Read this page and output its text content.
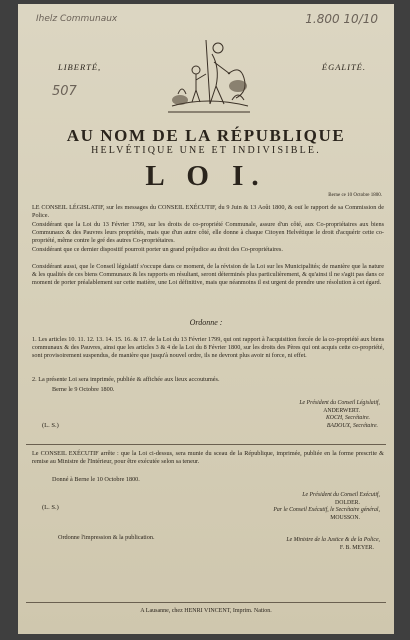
Ihelz Communaux	1.800 10/10
507
LIBERTÉ,	ÉGALITÉ.
AU NOM DE LA RÉPUBLIQUE
HELVÉTIQUE UNE ET INDIVISIBLE.
L O I.
Berne ce 10 Octobre 1800.
LE CONSEIL LÉGISLATIF, sur les messages du CONSEIL EXÉCUTIF, du 9 Juin & 13 Août 1800, & ouï le rapport de sa Commission de Police.
Considérant que la Loi du 13 Février 1799, sur les droits de co-propriété Communale, assure d'un côté, aux Co-propriétaires aux biens Communaux & des Pauvres leurs propriétés, mais que d'un autre côté, elle donne à chaque Citoyen Helvétique le droit d'acquérir cette co-propriété, même contre le gré des autres Co-propriétaires.
Considérant que ce dernier dispositif pourroit porter un grand préjudice au droit des Co-propriétaires.
Considérant aussi, que le Conseil législatif s'occupe dans ce moment, de la révision de la Loi sur les Municipalités; de manière que la nature & les qualités de ces biens Communaux & les rapports en résultant, seront déterminés plus particulièrement, & qu'ainsi il ne s'agit pas dans ce moment de porter préalablement sur cette matière, une Loi définitive, mais que néanmoins il est urgent de prendre une résolution à cet égard.
Ordonne :
1. Les articles 10. 11. 12. 13. 14. 15. 16. & 17. de la Loi du 13 Février 1799, qui ont rapport à l'acquisition forcée de la co-propriété aux biens communaux & des Pauvres, ainsi que les articles 3 & 4 de la Loi du 8 Février 1800, sur les droits des Pères qui ont acquis cette co-propriété, sont provisoirement suspendus, de manière que jusqu'à nouvel ordre, ils ne devront plus avoir ni force, ni effet.
2. La présente Loi sera imprimée, publiée & affichée aux lieux accoutumés.
Berne le 9 Octobre 1800.
(L. S.)
Le Président du Conseil Législatif,
ANDERWERT.
KOCH, Secrétaire.
BADOUX, Secrétaire.
Le CONSEIL EXÉCUTIF arrête : que la Loi ci-dessus, sera munie du sceau de la République, imprimée, publiée en la forme prescrite & remise au Ministre de l'Intérieur, pour être exécutée selon sa teneur.
Donné à Berne le 10 Octobre 1800.
(L. S.)
Le Président du Conseil Exécutif,
DOLDER.
Par le Conseil Exécutif, le Secrétaire général,
MOUSSON.
Ordonne l'impression & la publication.	Le Ministre de la Justice & de la Police,
F. B. MEYER.
A Lausanne, chez HENRI VINCENT, Imprim. Nation.
